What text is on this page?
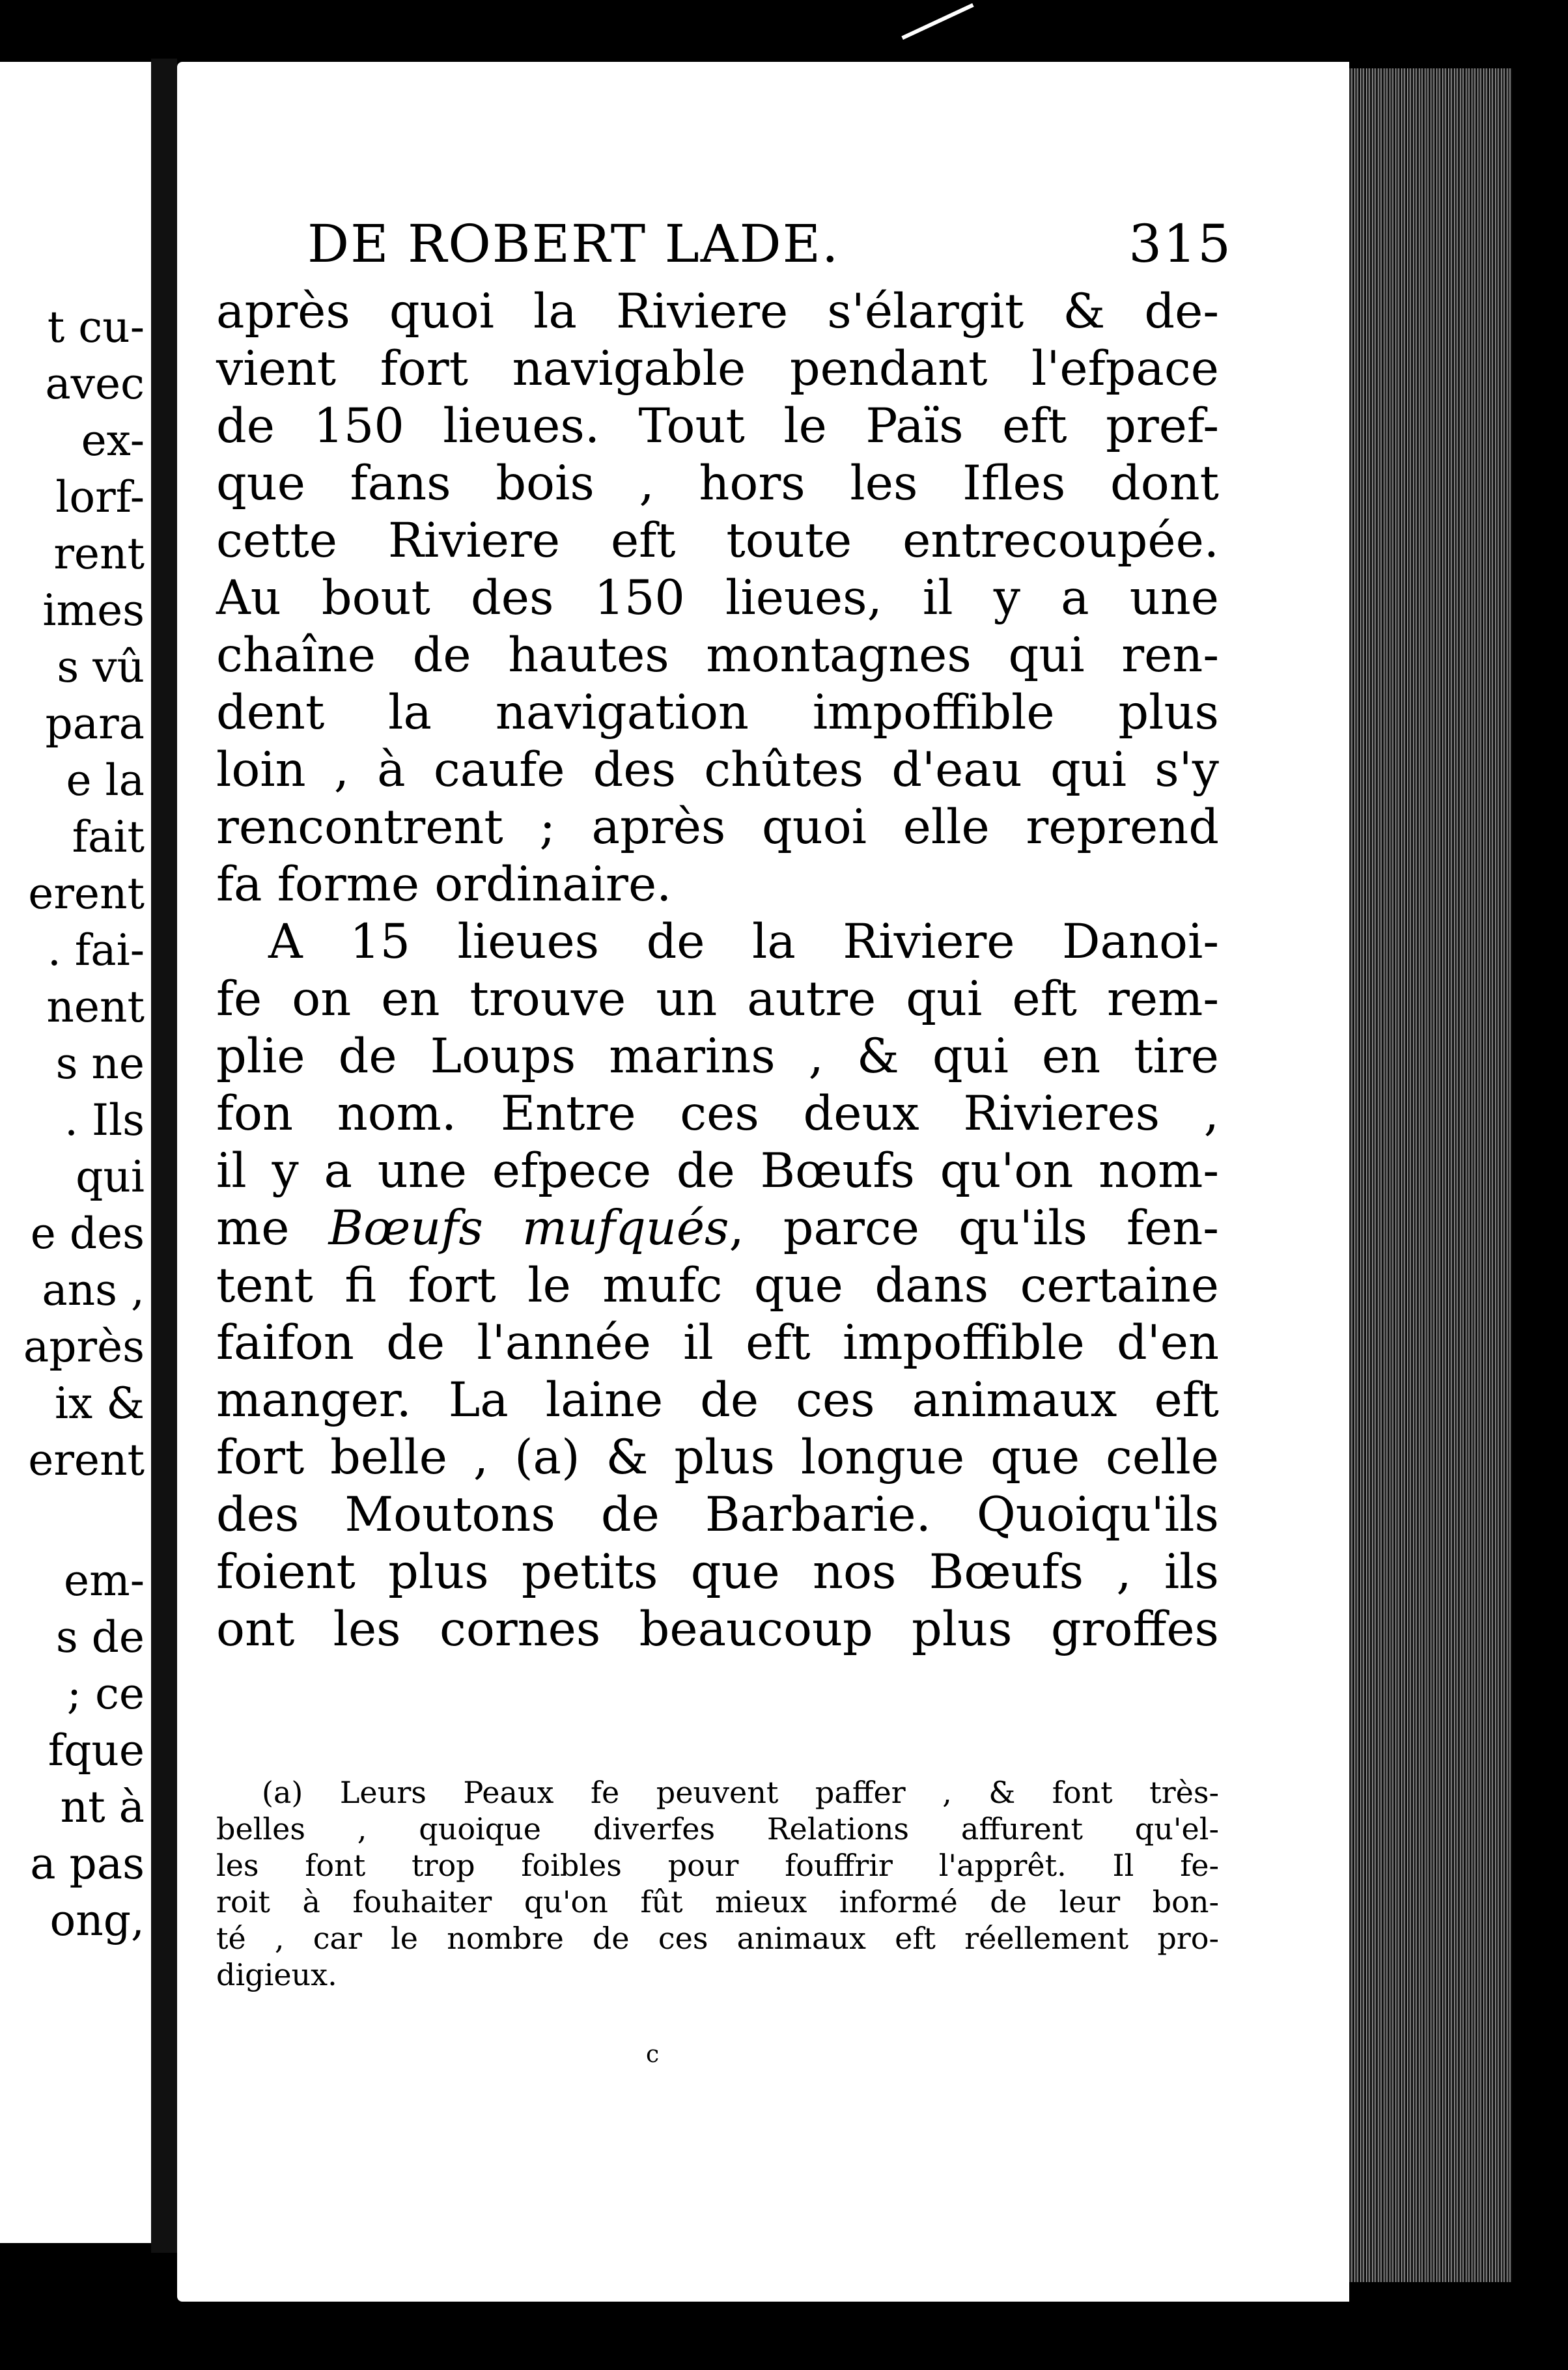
t cu-
avec
ex-
lorf-
rent
imes
s vû
para
e la
fait
erent
. fai-
nent
s ne
. Ils
qui
e des
ans ,
après
ix &
erent
em-
s de
; ce
fque
nt à
a pas
ong,
DE ROBERT LADE.	315
après quoi la Riviere s'élargit & de-
vient fort navigable pendant l'efpace
de 150 lieues. Tout le Païs eft pref-
que fans bois , hors les Ifles dont
cette Riviere eft toute entrecoupée.
Au bout des 150 lieues, il y a une
chaîne de hautes montagnes qui ren-
dent la navigation impoffible plus
loin , à caufe des chûtes d'eau qui s'y
rencontrent ; après quoi elle reprend
fa forme ordinaire.
A 15 lieues de la Riviere Danoi-
fe on en trouve un autre qui eft rem-
plie de Loups marins , & qui en tire
fon nom. Entre ces deux Rivieres ,
il y a une efpece de Bœufs qu'on nom-
me Bœufs mufqués, parce qu'ils fen-
tent fi fort le mufc que dans certaine
faifon de l'année il eft impoffible d'en
manger. La laine de ces animaux eft
fort belle , (a) & plus longue que celle
des Moutons de Barbarie. Quoiqu'ils
foient plus petits que nos Bœufs , ils
ont les cornes beaucoup plus groffes
(a) Leurs Peaux fe peuvent paffer , & font très-
belles , quoique diverfes Relations affurent qu'el-
les font trop foibles pour fouffrir l'apprêt. Il fe-
roit à fouhaiter qu'on fût mieux informé de leur bon-
té , car le nombre de ces animaux eft réellement pro-
digieux.
c
